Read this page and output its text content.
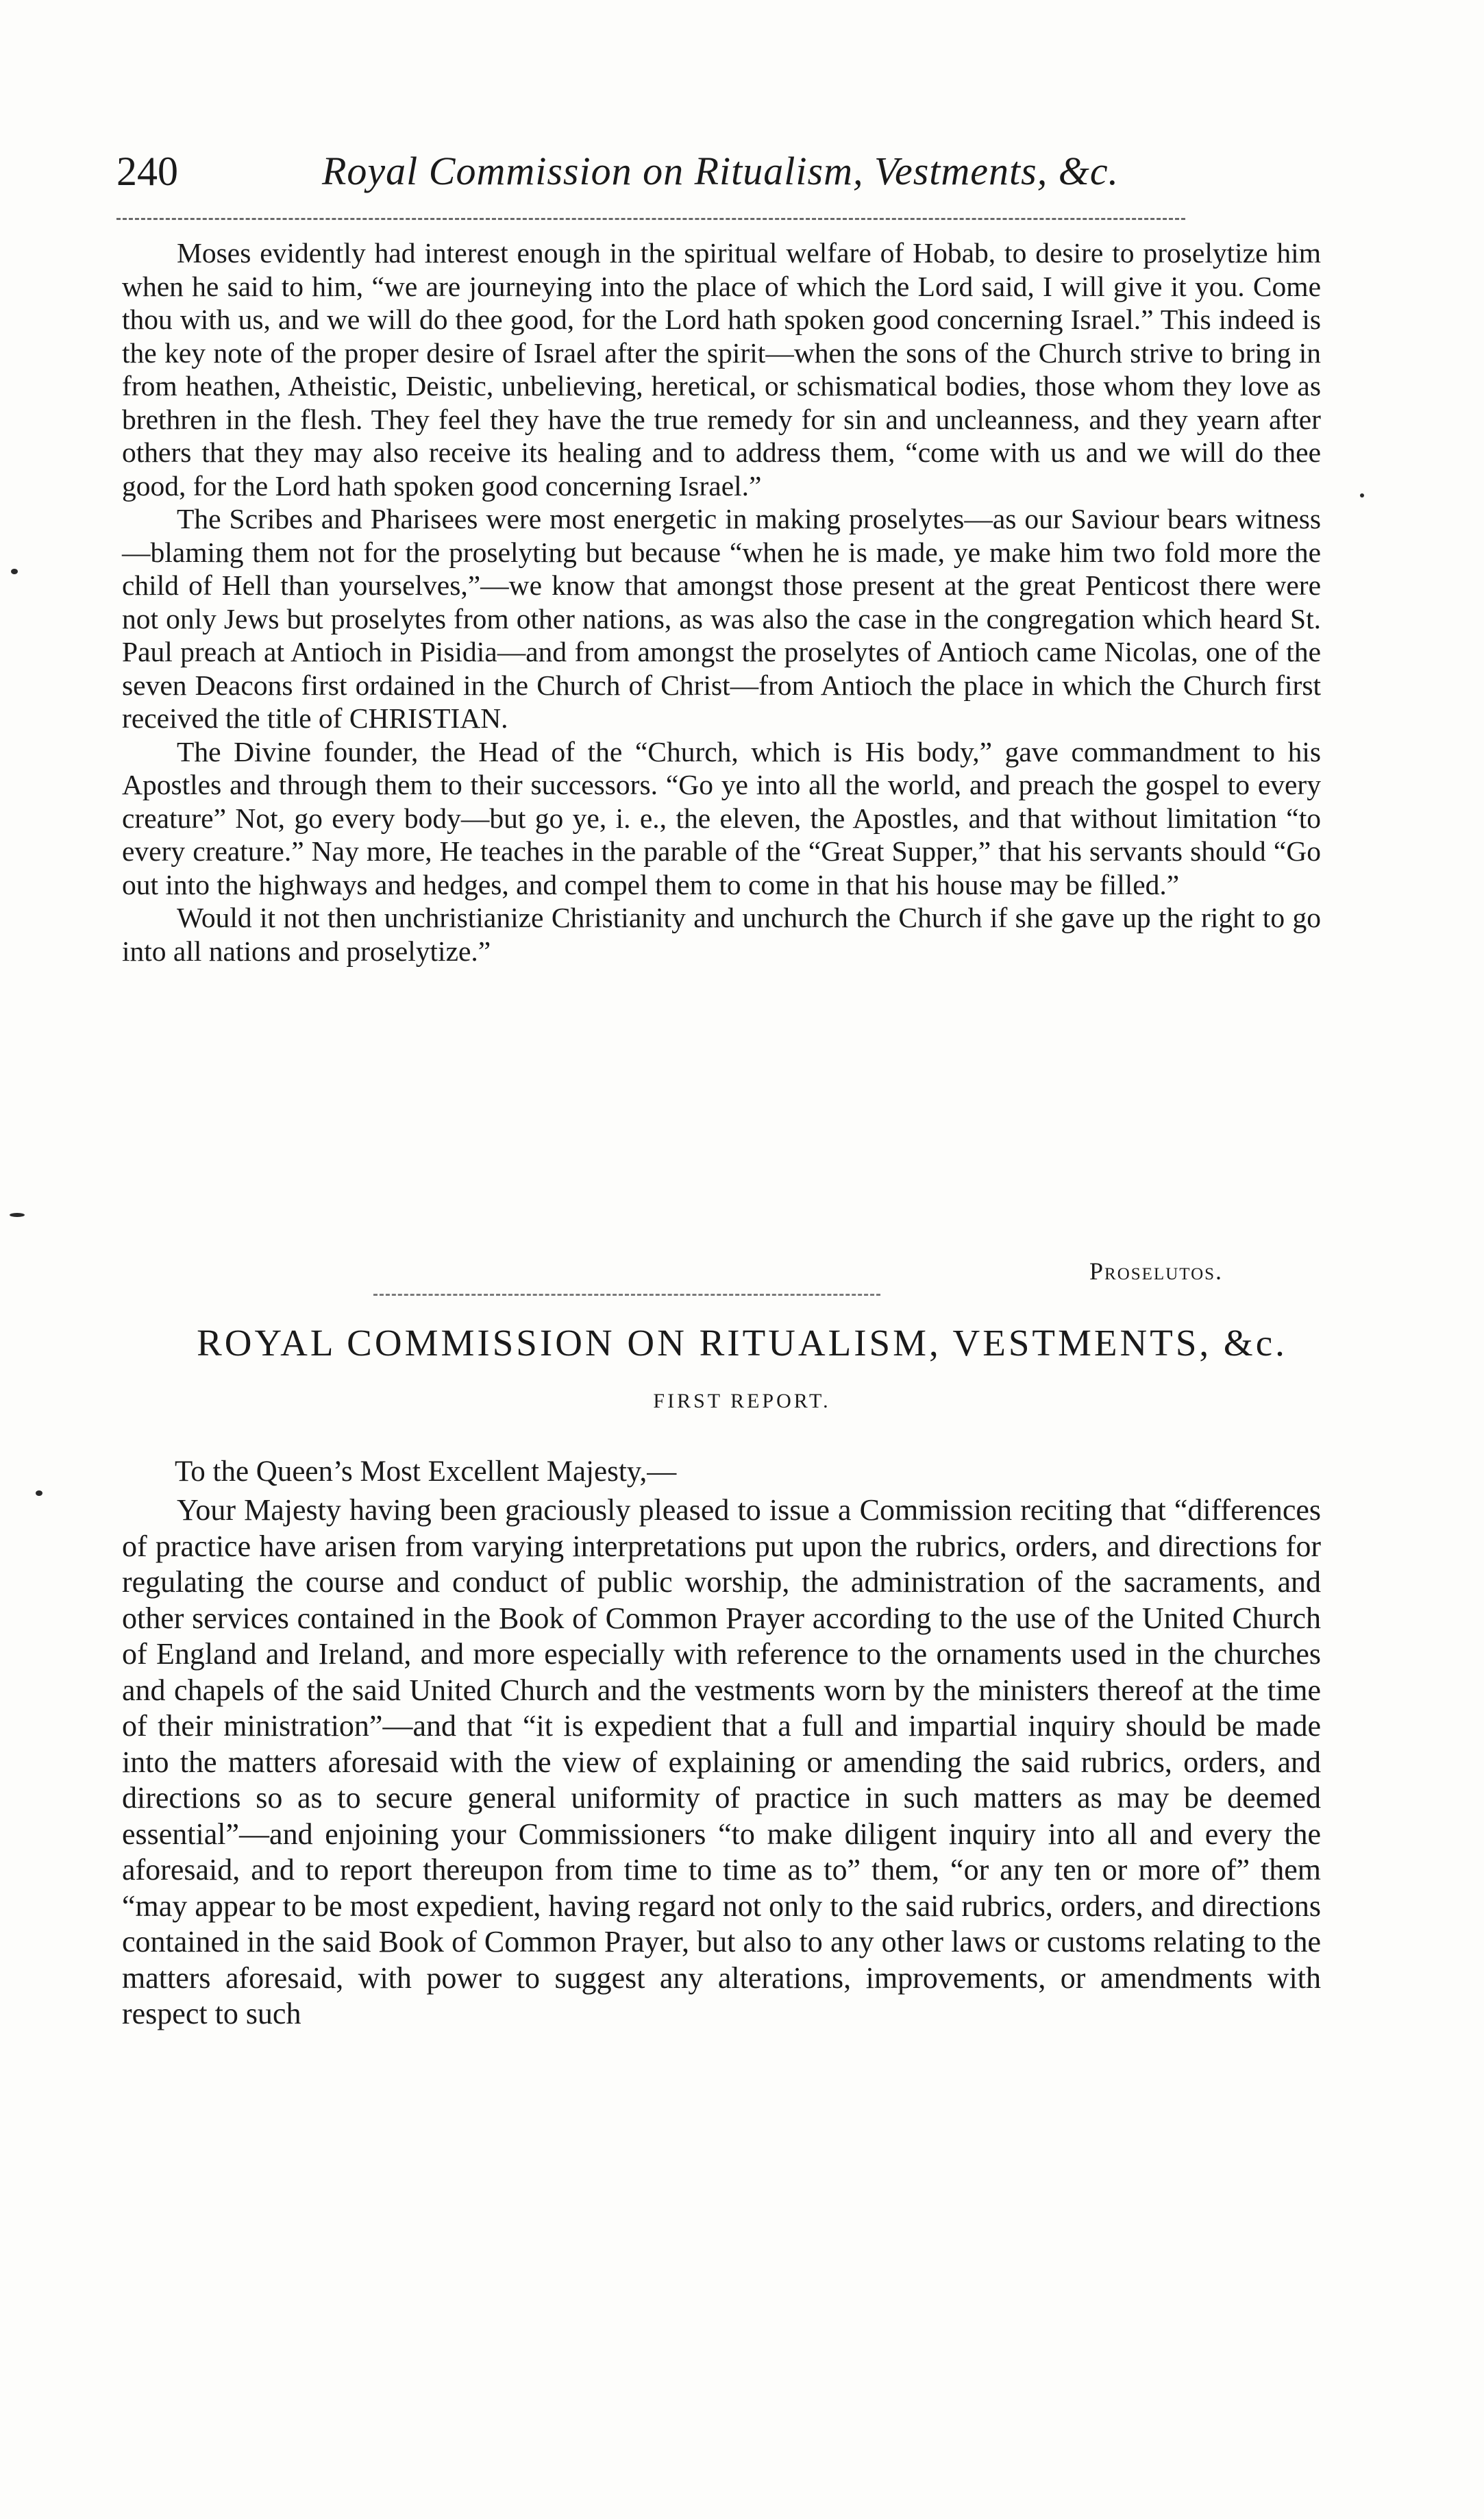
240	Royal Commission on Ritualism, Vestments, &c.

Moses evidently had interest enough in the spiritual welfare of Hobab, to desire to proselytize him when he said to him, “we are journeying into the place of which the Lord said, I will give it you. Come thou with us, and we will do thee good, for the Lord hath spoken good concerning Israel.” This indeed is the key note of the proper desire of Israel after the spirit—when the sons of the Church strive to bring in from heathen, Atheistic, Deistic, unbelieving, heretical, or schismatical bodies, those whom they love as brethren in the flesh. They feel they have the true remedy for sin and uncleanness, and they yearn after others that they may also receive its healing and to address them, “come with us and we will do thee good, for the Lord hath spoken good concerning Israel.”

The Scribes and Pharisees were most energetic in making proselytes—as our Saviour bears witness—blaming them not for the proselyting but because “when he is made, ye make him two fold more the child of Hell than yourselves,”—we know that amongst those present at the great Penticost there were not only Jews but proselytes from other nations, as was also the case in the congregation which heard St. Paul preach at Antioch in Pisidia—and from amongst the proselytes of Antioch came Nicolas, one of the seven Deacons first ordained in the Church of Christ—from Antioch the place in which the Church first received the title of CHRISTIAN.

The Divine founder, the Head of the “Church, which is His body,” gave commandment to his Apostles and through them to their successors. “Go ye into all the world, and preach the gospel to every creature” Not, go every body—but go ye, i. e., the eleven, the Apostles, and that without limitation “to every creature.” Nay more, He teaches in the parable of the “Great Supper,” that his servants should “Go out into the highways and hedges, and compel them to come in that his house may be filled.”

Would it not then unchristianize Christianity and unchurch the Church if she gave up the right to go into all nations and proselytize.”

Proselutos.
ROYAL COMMISSION ON RITUALISM, VESTMENTS, &c.
FIRST REPORT.
To the Queen’s Most Excellent Majesty,—

Your Majesty having been graciously pleased to issue a Commission reciting that “differences of practice have arisen from varying interpretations put upon the rubrics, orders, and directions for regulating the course and conduct of public worship, the administration of the sacraments, and other services contained in the Book of Common Prayer according to the use of the United Church of England and Ireland, and more especially with reference to the ornaments used in the churches and chapels of the said United Church and the vestments worn by the ministers thereof at the time of their ministration”—and that “it is expedient that a full and impartial inquiry should be made into the matters aforesaid with the view of explaining or amending the said rubrics, orders, and directions so as to secure general uniformity of practice in such matters as may be deemed essential”—and enjoining your Commissioners “to make diligent inquiry into all and every the aforesaid, and to report thereupon from time to time as to” them, “or any ten or more of” them “may appear to be most expedient, having regard not only to the said rubrics, orders, and directions contained in the said Book of Common Prayer, but also to any other laws or customs relating to the matters aforesaid, with power to suggest any alterations, improvements, or amendments with respect to such
